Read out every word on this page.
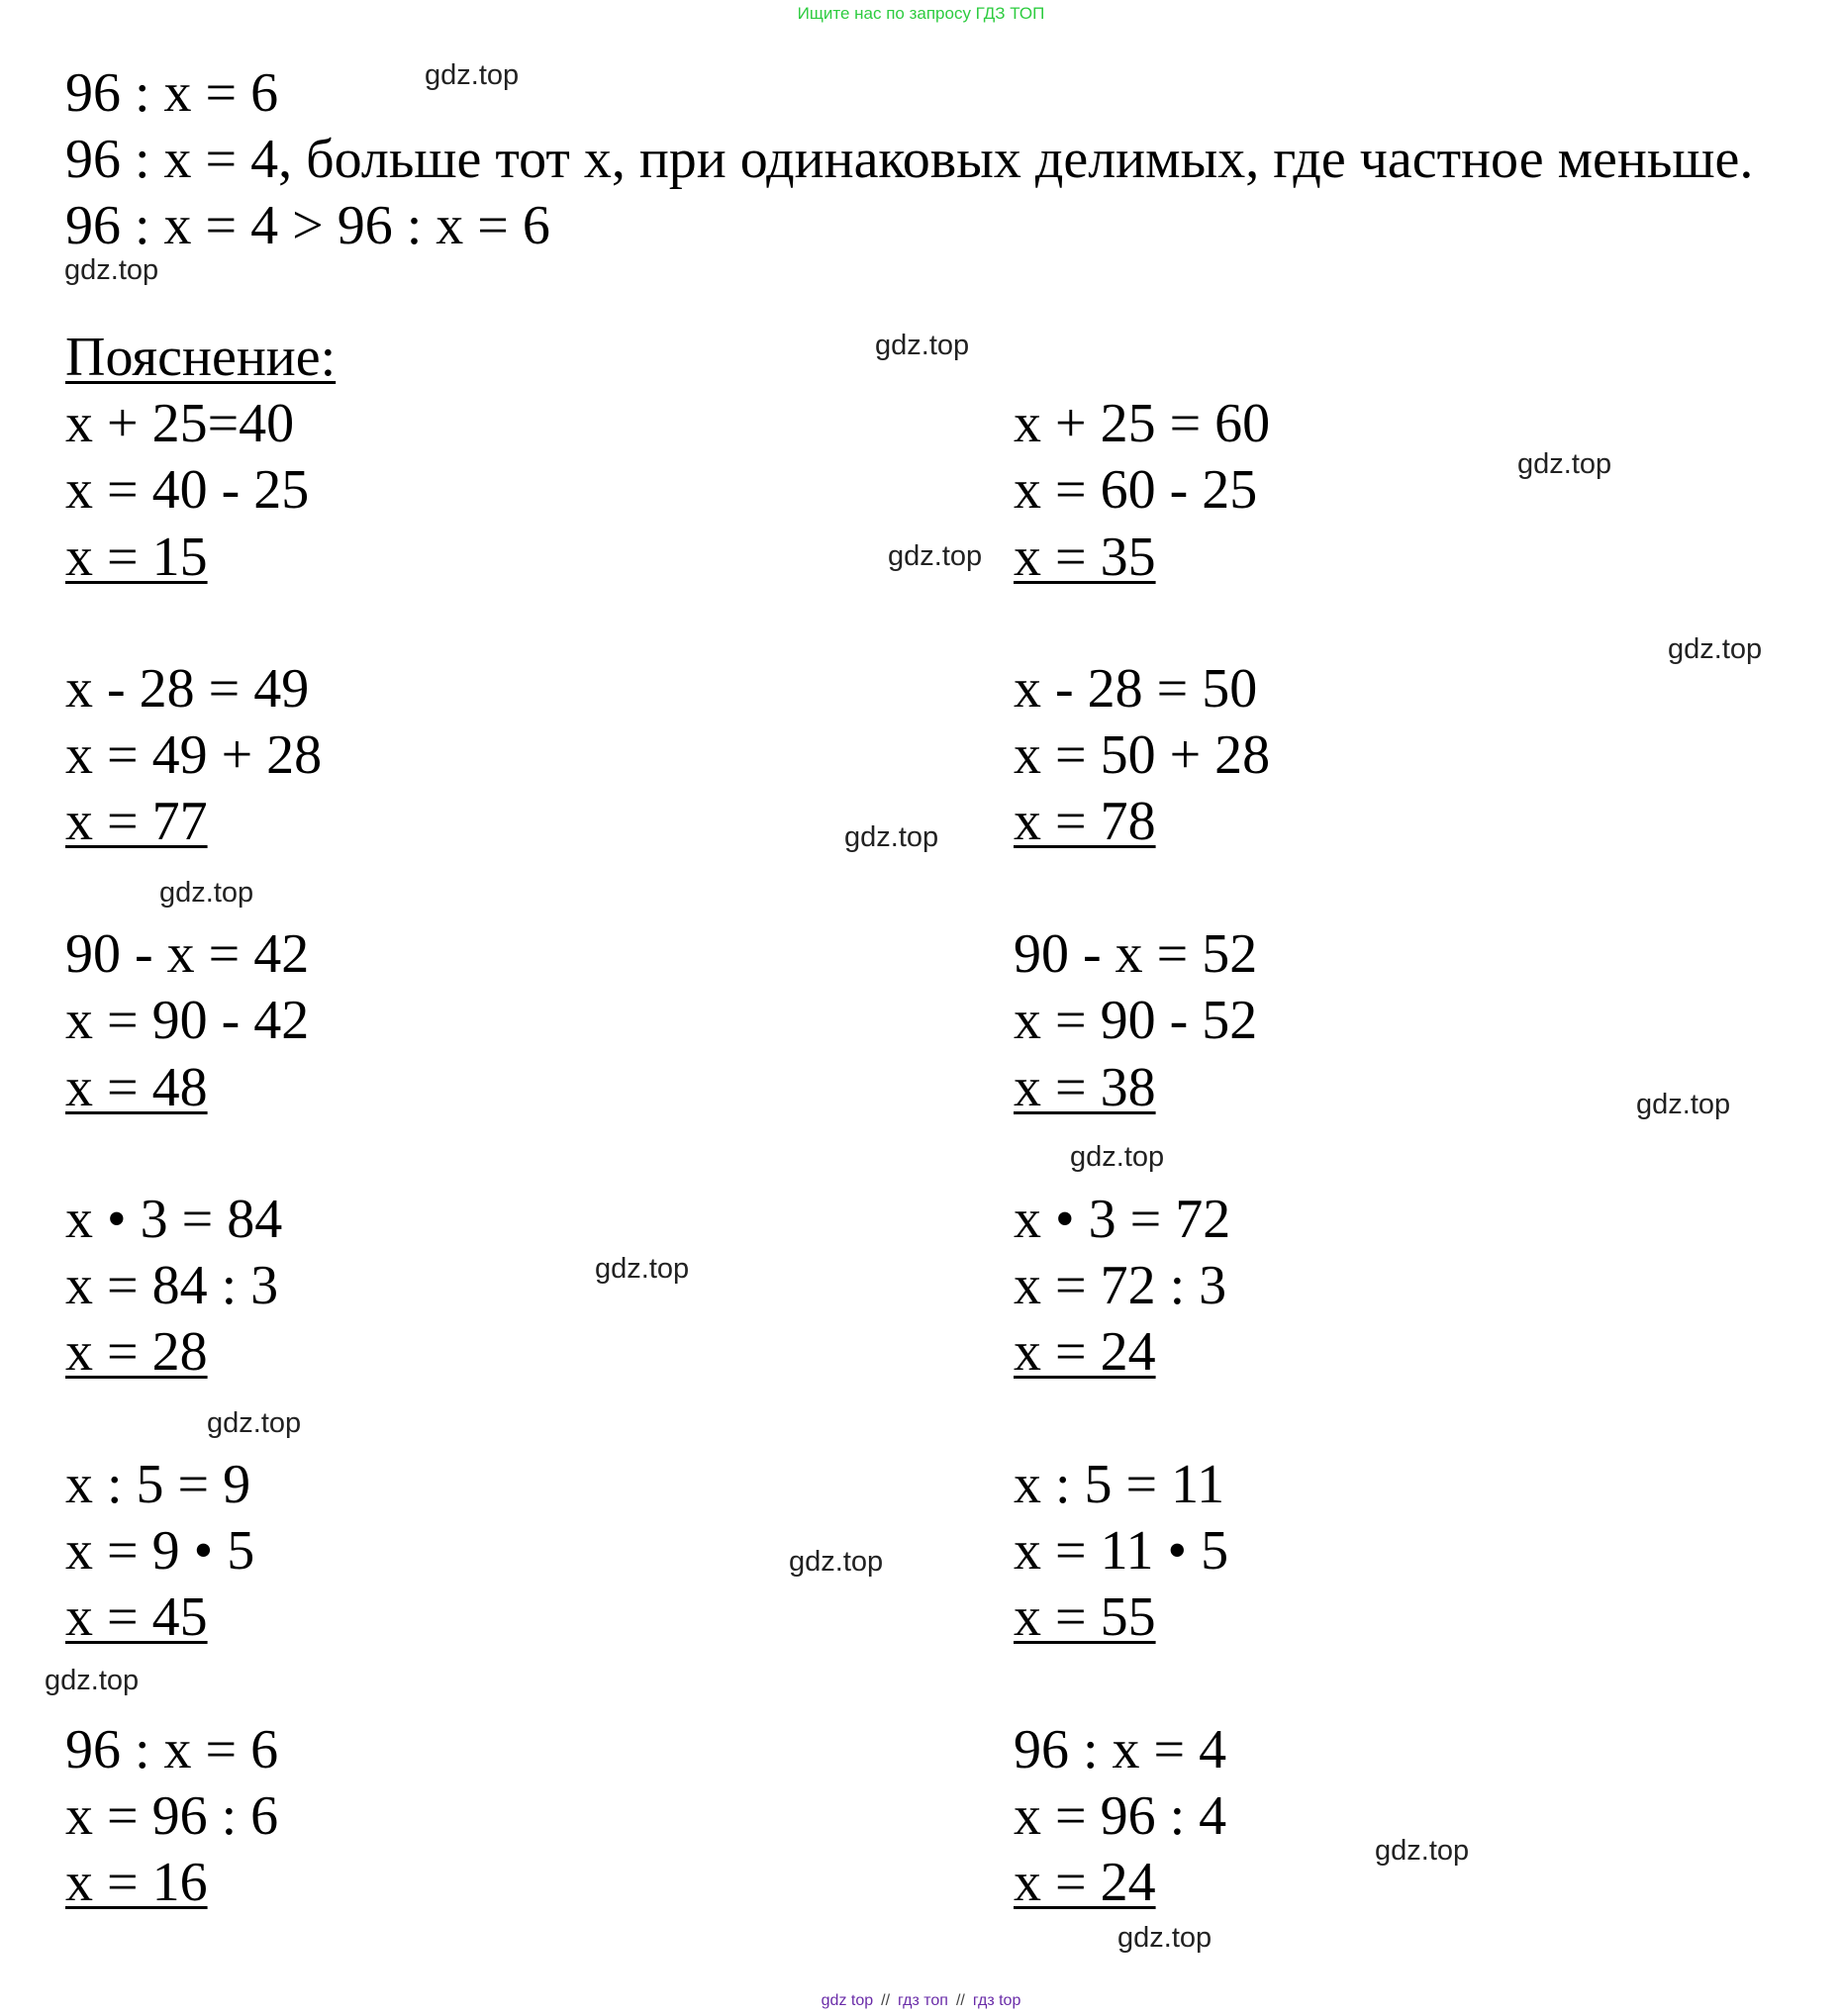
Ищите нас по запросу ГДЗ ТОП
96 : x = 6
96 : x = 4, больше тот x, при одинаковых делимых, где частное меньше.
96 : x = 4 > 96 : x = 6
Пояснение:
x + 25=40
x = 40 - 25
x = 15
x - 28 = 49
x = 49 + 28
x = 77
90 - x = 42
x = 90 - 42
x = 48
x • 3 = 84
x = 84 : 3
x = 28
x : 5 = 9
x = 9 • 5
x = 45
96 : x = 6
x = 96 : 6
x = 16
x + 25 = 60
x = 60 - 25
x = 35
x - 28 = 50
x = 50 + 28
x = 78
90 - x = 52
x = 90 - 52
x = 38
x • 3 = 72
x = 72 : 3
x = 24
x : 5 = 11
x = 11 • 5
x = 55
96 : x = 4
x = 96 : 4
x = 24
gdz.top
gdz.top
gdz.top
gdz.top
gdz.top
gdz.top
gdz.top
gdz.top
gdz.top
gdz.top
gdz.top
gdz.top
gdz.top
gdz.top
gdz.top
gdz.top
gdz top // гдз топ // гдз top
